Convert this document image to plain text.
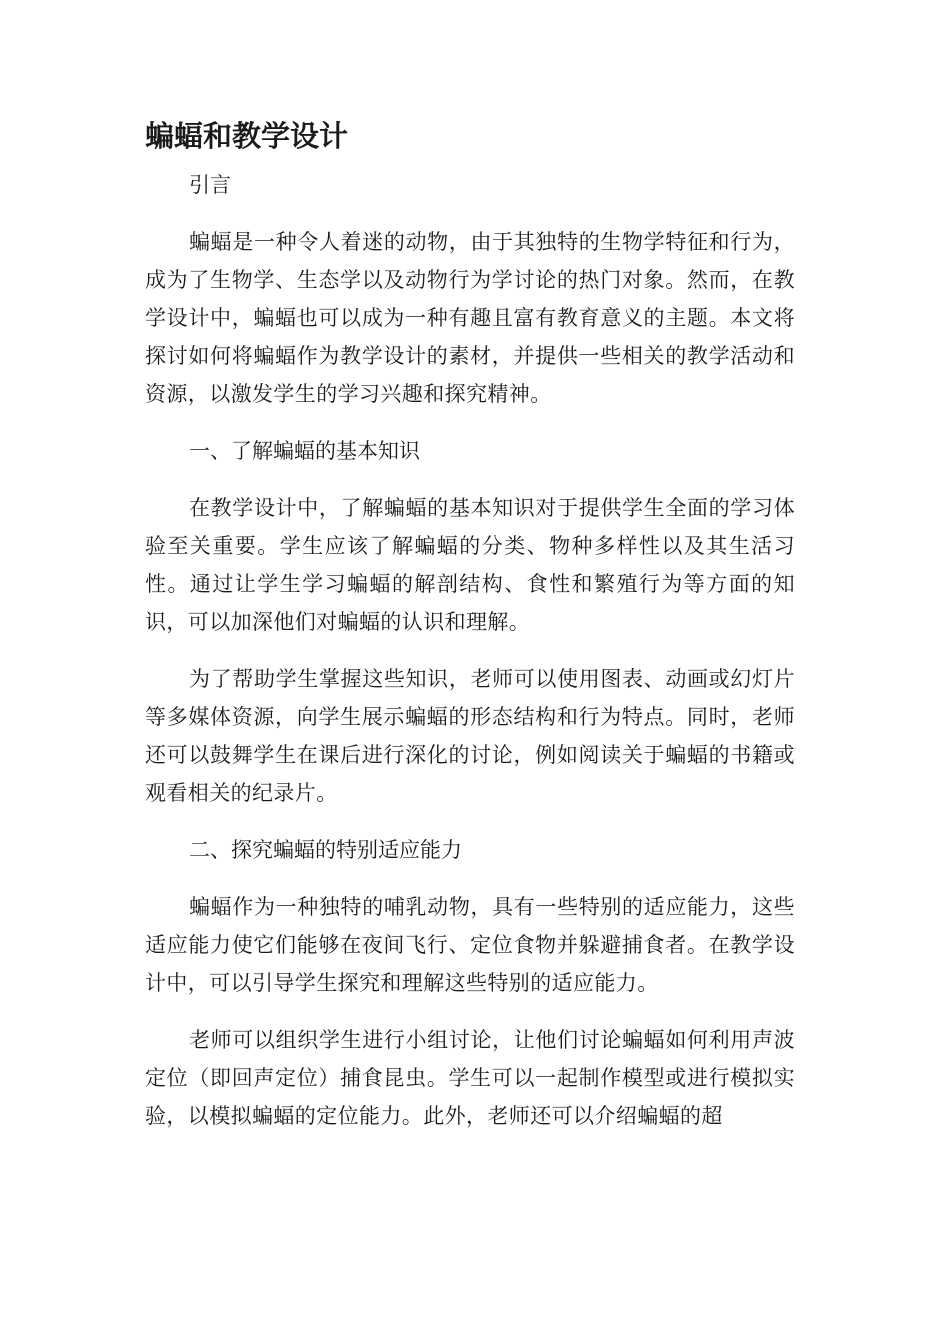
蝙蝠和教学设计

引言

蝙蝠是一种令人着迷的动物，由于其独特的生物学特征和行为，成为了生物学、生态学以及动物行为学讨论的热门对象。然而，在教学设计中，蝙蝠也可以成为一种有趣且富有教育意义的主题。本文将探讨如何将蝙蝠作为教学设计的素材，并提供一些相关的教学活动和资源，以激发学生的学习兴趣和探究精神。

一、了解蝙蝠的基本知识

在教学设计中，了解蝙蝠的基本知识对于提供学生全面的学习体验至关重要。学生应该了解蝙蝠的分类、物种多样性以及其生活习性。通过让学生学习蝙蝠的解剖结构、食性和繁殖行为等方面的知识，可以加深他们对蝙蝠的认识和理解。

为了帮助学生掌握这些知识，老师可以使用图表、动画或幻灯片等多媒体资源，向学生展示蝙蝠的形态结构和行为特点。同时，老师还可以鼓舞学生在课后进行深化的讨论，例如阅读关于蝙蝠的书籍或观看相关的纪录片。

二、探究蝙蝠的特别适应能力

蝙蝠作为一种独特的哺乳动物，具有一些特别的适应能力，这些适应能力使它们能够在夜间飞行、定位食物并躲避捕食者。在教学设计中，可以引导学生探究和理解这些特别的适应能力。

老师可以组织学生进行小组讨论，让他们讨论蝙蝠如何利用声波定位（即回声定位）捕食昆虫。学生可以一起制作模型或进行模拟实验，以模拟蝙蝠的定位能力。此外，老师还可以介绍蝙蝠的超
